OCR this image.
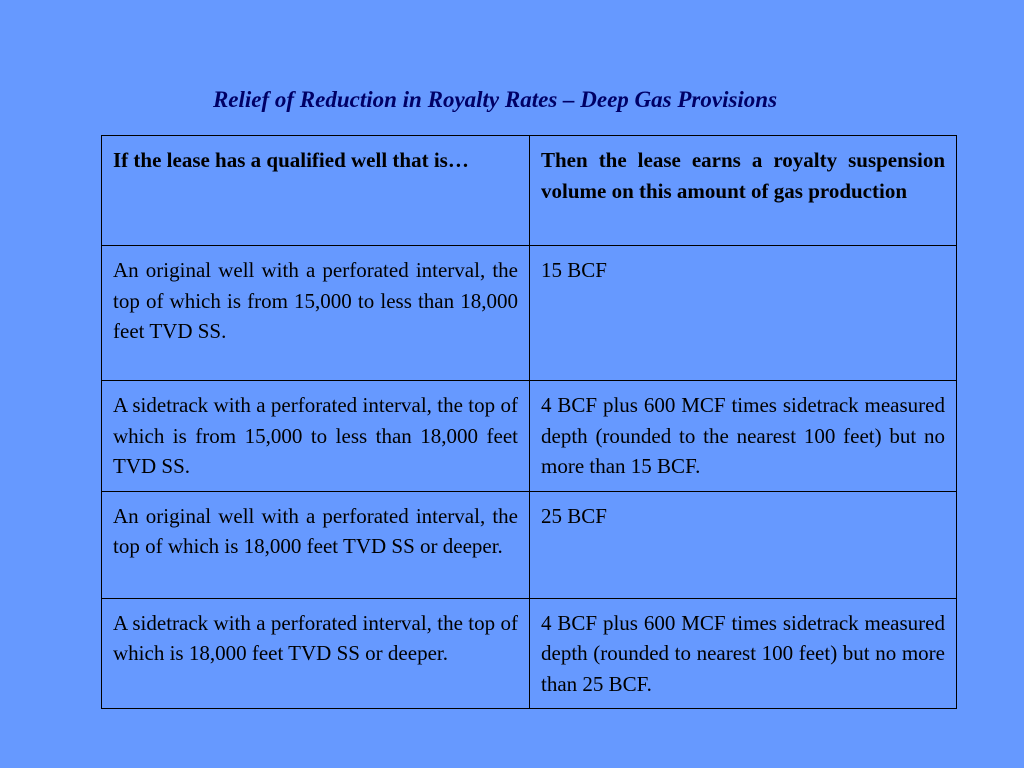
Relief of Reduction in Royalty Rates – Deep Gas Provisions
If the lease has a qualified well that is…	Then the lease earns a royalty suspension volume on this amount of gas production
An original well with a perforated interval, the top of which is from 15,000 to less than 18,000 feet TVD SS.	15 BCF
A sidetrack with a perforated interval, the top of which is from 15,000 to less than 18,000 feet TVD SS.	4 BCF plus 600 MCF times sidetrack measured depth (rounded to the nearest 100 feet) but no more than 15 BCF.
An original well with a perforated interval, the top of which is 18,000 feet TVD SS or deeper.	25 BCF
A sidetrack with a perforated interval, the top of which is 18,000 feet TVD SS or deeper.	4 BCF plus 600 MCF times sidetrack measured depth (rounded to nearest 100 feet) but no more than 25 BCF.
